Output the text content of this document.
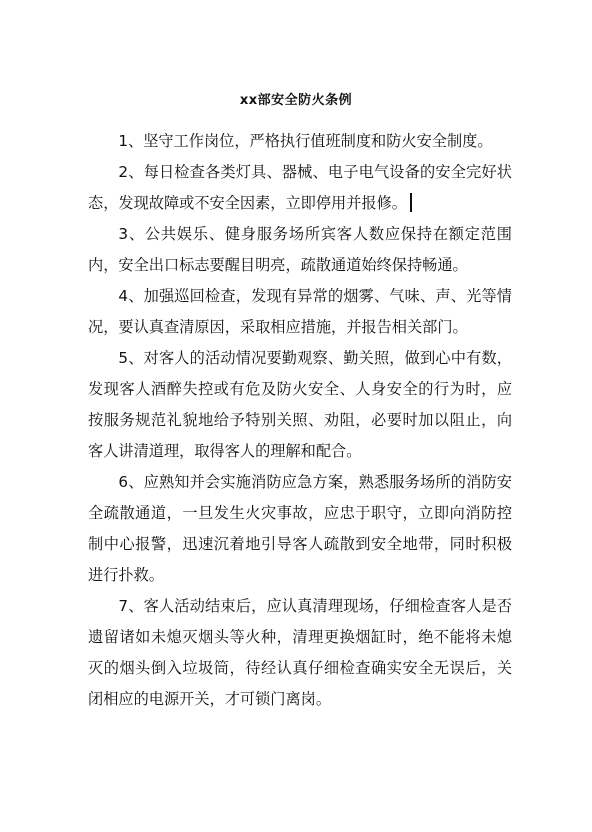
xx部安全防火条例

1、坚守工作岗位，严格执行值班制度和防火安全制度。

2、每日检查各类灯具、器械、电子电气设备的安全完好状态，发现故障或不安全因素，立即停用并报修。

3、公共娱乐、健身服务场所宾客人数应保持在额定范围内，安全出口标志要醒目明亮，疏散通道始终保持畅通。

4、加强巡回检查，发现有异常的烟雾、气味、声、光等情况，要认真查清原因，采取相应措施，并报告相关部门。

5、对客人的活动情况要勤观察、勤关照，做到心中有数，发现客人酒醉失控或有危及防火安全、人身安全的行为时，应按服务规范礼貌地给予特别关照、劝阻，必要时加以阻止，向客人讲清道理，取得客人的理解和配合。

6、应熟知并会实施消防应急方案，熟悉服务场所的消防安全疏散通道，一旦发生火灾事故，应忠于职守，立即向消防控制中心报警，迅速沉着地引导客人疏散到安全地带，同时积极进行扑救。

7、客人活动结束后，应认真清理现场，仔细检查客人是否遗留诸如未熄灭烟头等火种，清理更换烟缸时，绝不能将未熄灭的烟头倒入垃圾筒，待经认真仔细检查确实安全无误后，关闭相应的电源开关，才可锁门离岗。
